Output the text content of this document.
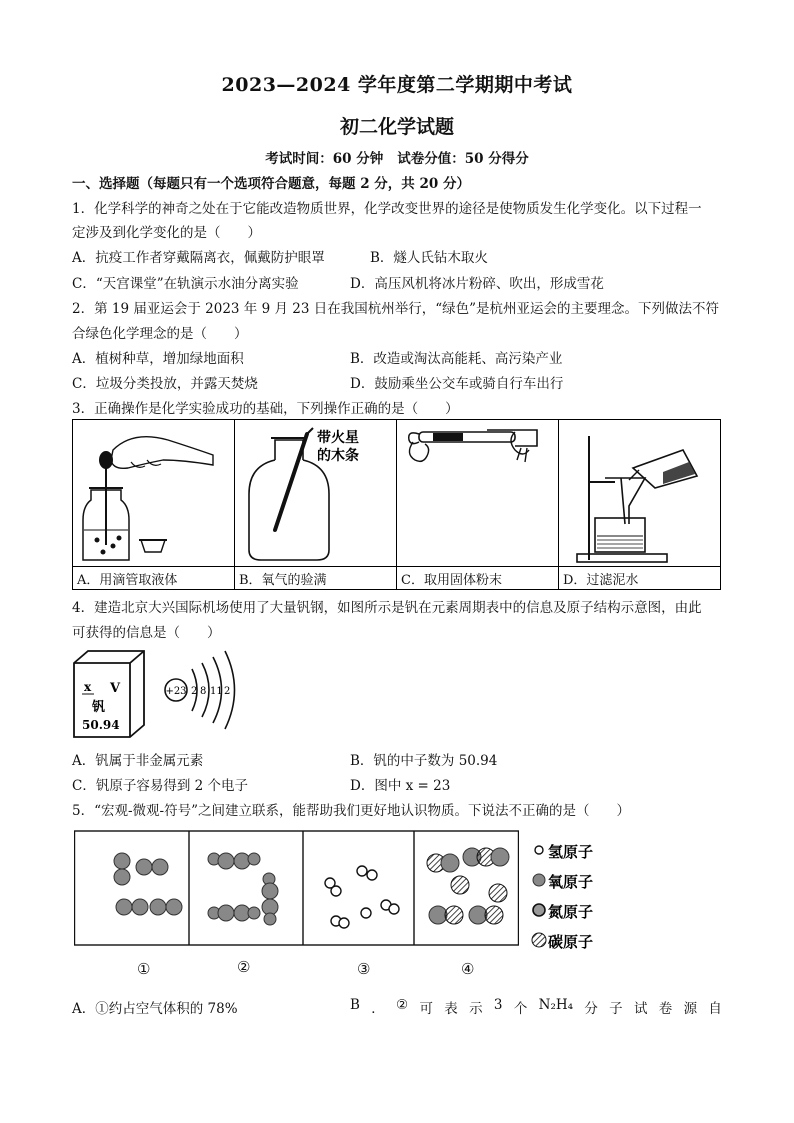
2023—2024 学年度第二学期期中考试
初二化学试题
考试时间：60 分钟 试卷分值：50 分得分
一、选择题（每题只有一个选项符合题意，每题 2 分，共 20 分）
1．化学科学的神奇之处在于它能改造物质世界，化学改变世界的途径是使物质发生化学变化。以下过程一
定涉及到化学变化的是（　　）
A．抗疫工作者穿戴隔离衣，佩戴防护眼罩	B．燧人氏钻木取火
C．“天宫课堂”在轨演示水油分离实验	D．高压风机将冰片粉碎、吹出，形成雪花
2．第 19 届亚运会于 2023 年 9 月 23 日在我国杭州举行，“绿色”是杭州亚运会的主要理念。下列做法不符
合绿色化学理念的是（　　）
A．植树种草，增加绿地面积	B．改造或淘汰高能耗、高污染产业
C．垃圾分类投放，并露天焚烧	D．鼓励乘坐公交车或骑自行车出行
3．正确操作是化学实验成功的基础，下列操作正确的是（　　）

带火星
的木条

A．用滴管取液体	B．氧气的验满	C．取用固体粉末	D．过滤泥水
4．建造北京大兴国际机场使用了大量钒钢，如图所示是钒在元素周期表中的信息及原子结构示意图，由此
可获得的信息是（　　）
x V
钒
50.94
+23 2 8 11 2
A．钒属于非金属元素	B．钒的中子数为 50.94
C．钒原子容易得到 2 个电子	D．图中 x = 23
5．“宏观-微观-符号”之间建立联系，能帮助我们更好地认识物质。下说法不正确的是（　　）
氢原子
氧原子
氮原子
碳原子
①	②	③	④
A．①约占空气体积的 78%	B ． ② 可 表 示 3 个 N₂H₄ 分 子 试 卷 源 自
